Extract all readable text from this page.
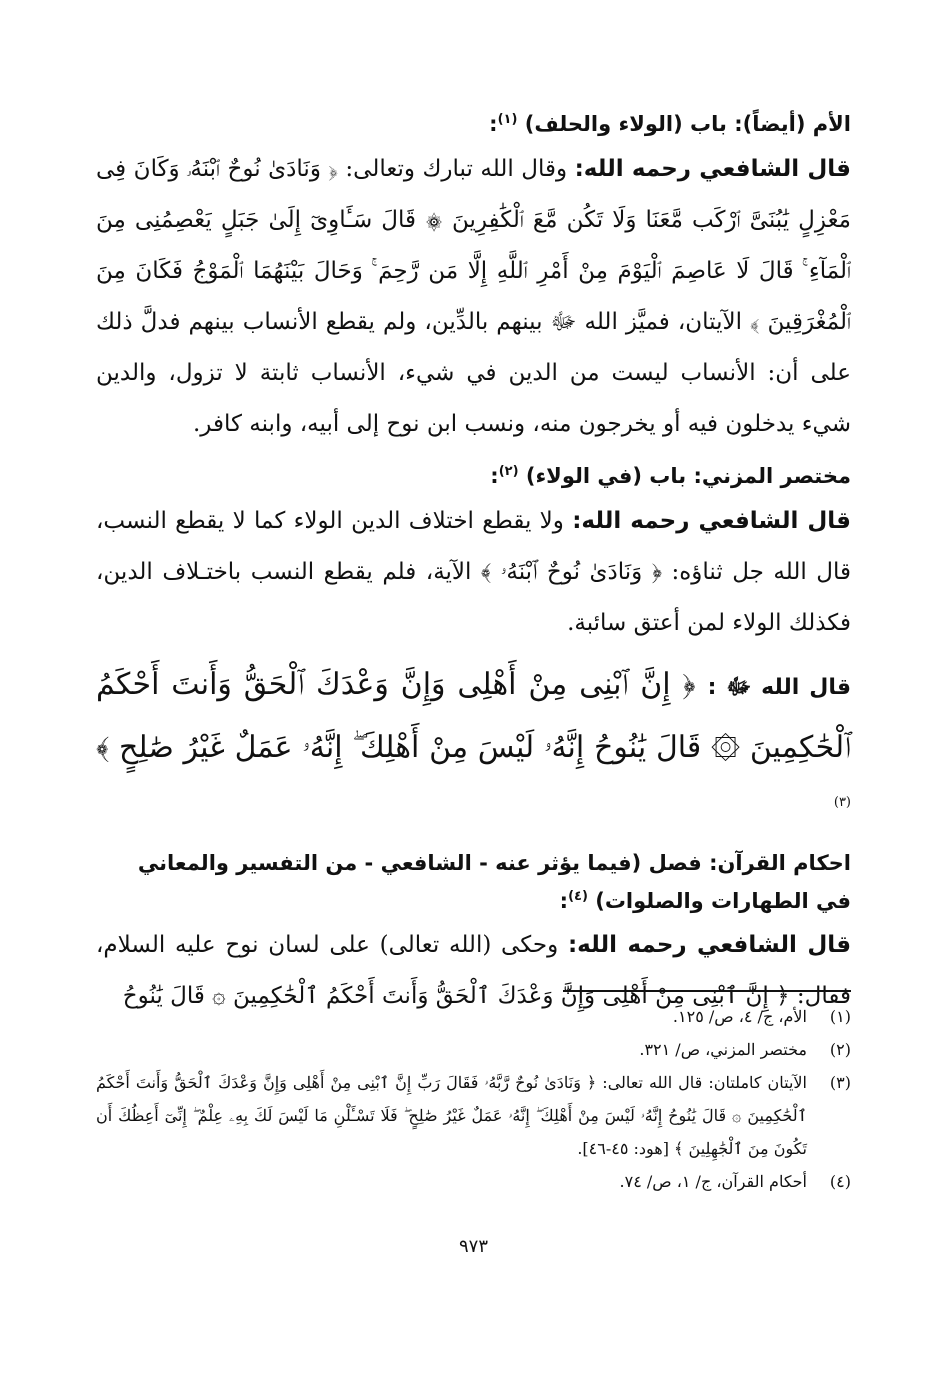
الأم (أيضاً): باب (الولاء والحلف) $^{(١)}$:

قال الشافعي رحمه الله: وقال الله تبارك وتعالى: ﴿ وَنَادَىٰ نُوحٌ ٱبْنَهُۥ وَكَانَ فِى مَعْزِلٍ يَٰبُنَىَّ ٱرْكَب مَّعَنَا وَلَا تَكُن مَّعَ ٱلْكَٰفِرِينَ ۞ قَالَ سَـَٔاوِىٓ إِلَىٰ جَبَلٍ يَعْصِمُنِى مِنَ ٱلْمَآءِ ۚ قَالَ لَا عَاصِمَ ٱلْيَوْمَ مِنْ أَمْرِ ٱللَّهِ إِلَّا مَن رَّحِمَ ۚ وَحَالَ بَيْنَهُمَا ٱلْمَوْجُ فَكَانَ مِنَ ٱلْمُغْرَقِينَ ﴾ الآيتان، فميَّز الله ﷻ بينهم بالدِّين، ولم يقطع الأنساب بينهم فدلَّ ذلك على أن: الأنساب ليست من الدين في شيء، الأنساب ثابتة لا تزول، والدين شيء يدخلون فيه أو يخرجون منه، ونسب ابن نوح إلى أبيه، وابنه كافر.

مختصر المزني: باب (في الولاء) $^{(٢)}$:

قال الشافعي رحمه الله: ولا يقطع اختلاف الدين الولاء كما لا يقطع النسب، قال الله جل ثناؤه: ﴿ وَنَادَىٰ نُوحٌ ٱبْنَهُۥ ﴾ الآية، فلم يقطع النسب باختـلاف الدين، فكذلك الولاء لمن أعتق سائبة.

قال الله ﷻ : ﴿ إِنَّ ٱبْنِى مِنْ أَهْلِى وَإِنَّ وَعْدَكَ ٱلْحَقُّ وَأَنتَ أَحْكَمُ ٱلْحَٰكِمِينَ ۞ قَالَ يَٰنُوحُ إِنَّهُۥ لَيْسَ مِنْ أَهْلِكَ ۖ إِنَّهُۥ عَمَلٌ غَيْرُ صَٰلِحٍ ﴾ $^{(٣)}$

احكام القرآن: فصل (فيما يؤثر عنه - الشافعي - من التفسير والمعاني في الطهارات والصلوات) $^{(٤)}$:

قال الشافعي رحمه الله: وحكى (الله تعالى) على لسان نوح عليه السلام، فقال: ﴿ إِنَّ ٱبْنِى مِنْ أَهْلِى وَإِنَّ وَعْدَكَ ٱلْحَقُّ وَأَنتَ أَحْكَمُ ٱلْحَٰكِمِينَ ۞ قَالَ يَٰنُوحُ

(١)
الأم، ج/ ٤، ص/ ١٢٥.
(٢)
مختصر المزني، ص/ ٣٢١.
(٣)
الآيتان كاملتان: قال الله تعالى: ﴿ وَنَادَىٰ نُوحٌ رَّبَّهُۥ فَقَالَ رَبِّ إِنَّ ٱبْنِى مِنْ أَهْلِى وَإِنَّ وَعْدَكَ ٱلْحَقُّ وَأَنتَ أَحْكَمُ ٱلْحَٰكِمِينَ ۞ قَالَ يَٰنُوحُ إِنَّهُۥ لَيْسَ مِنْ أَهْلِكَ ۖ إِنَّهُۥ عَمَلٌ غَيْرُ صَٰلِحٍ ۖ فَلَا تَسْـَٔلْنِ مَا لَيْسَ لَكَ بِهِۦ عِلْمٌ ۖ إِنِّىٓ أَعِظُكَ أَن تَكُونَ مِنَ ٱلْجَٰهِلِينَ ﴾ [هود: ٤٥-٤٦].
(٤)
أحكام القرآن، ج/ ١، ص/ ٧٤.
٩٧٣
